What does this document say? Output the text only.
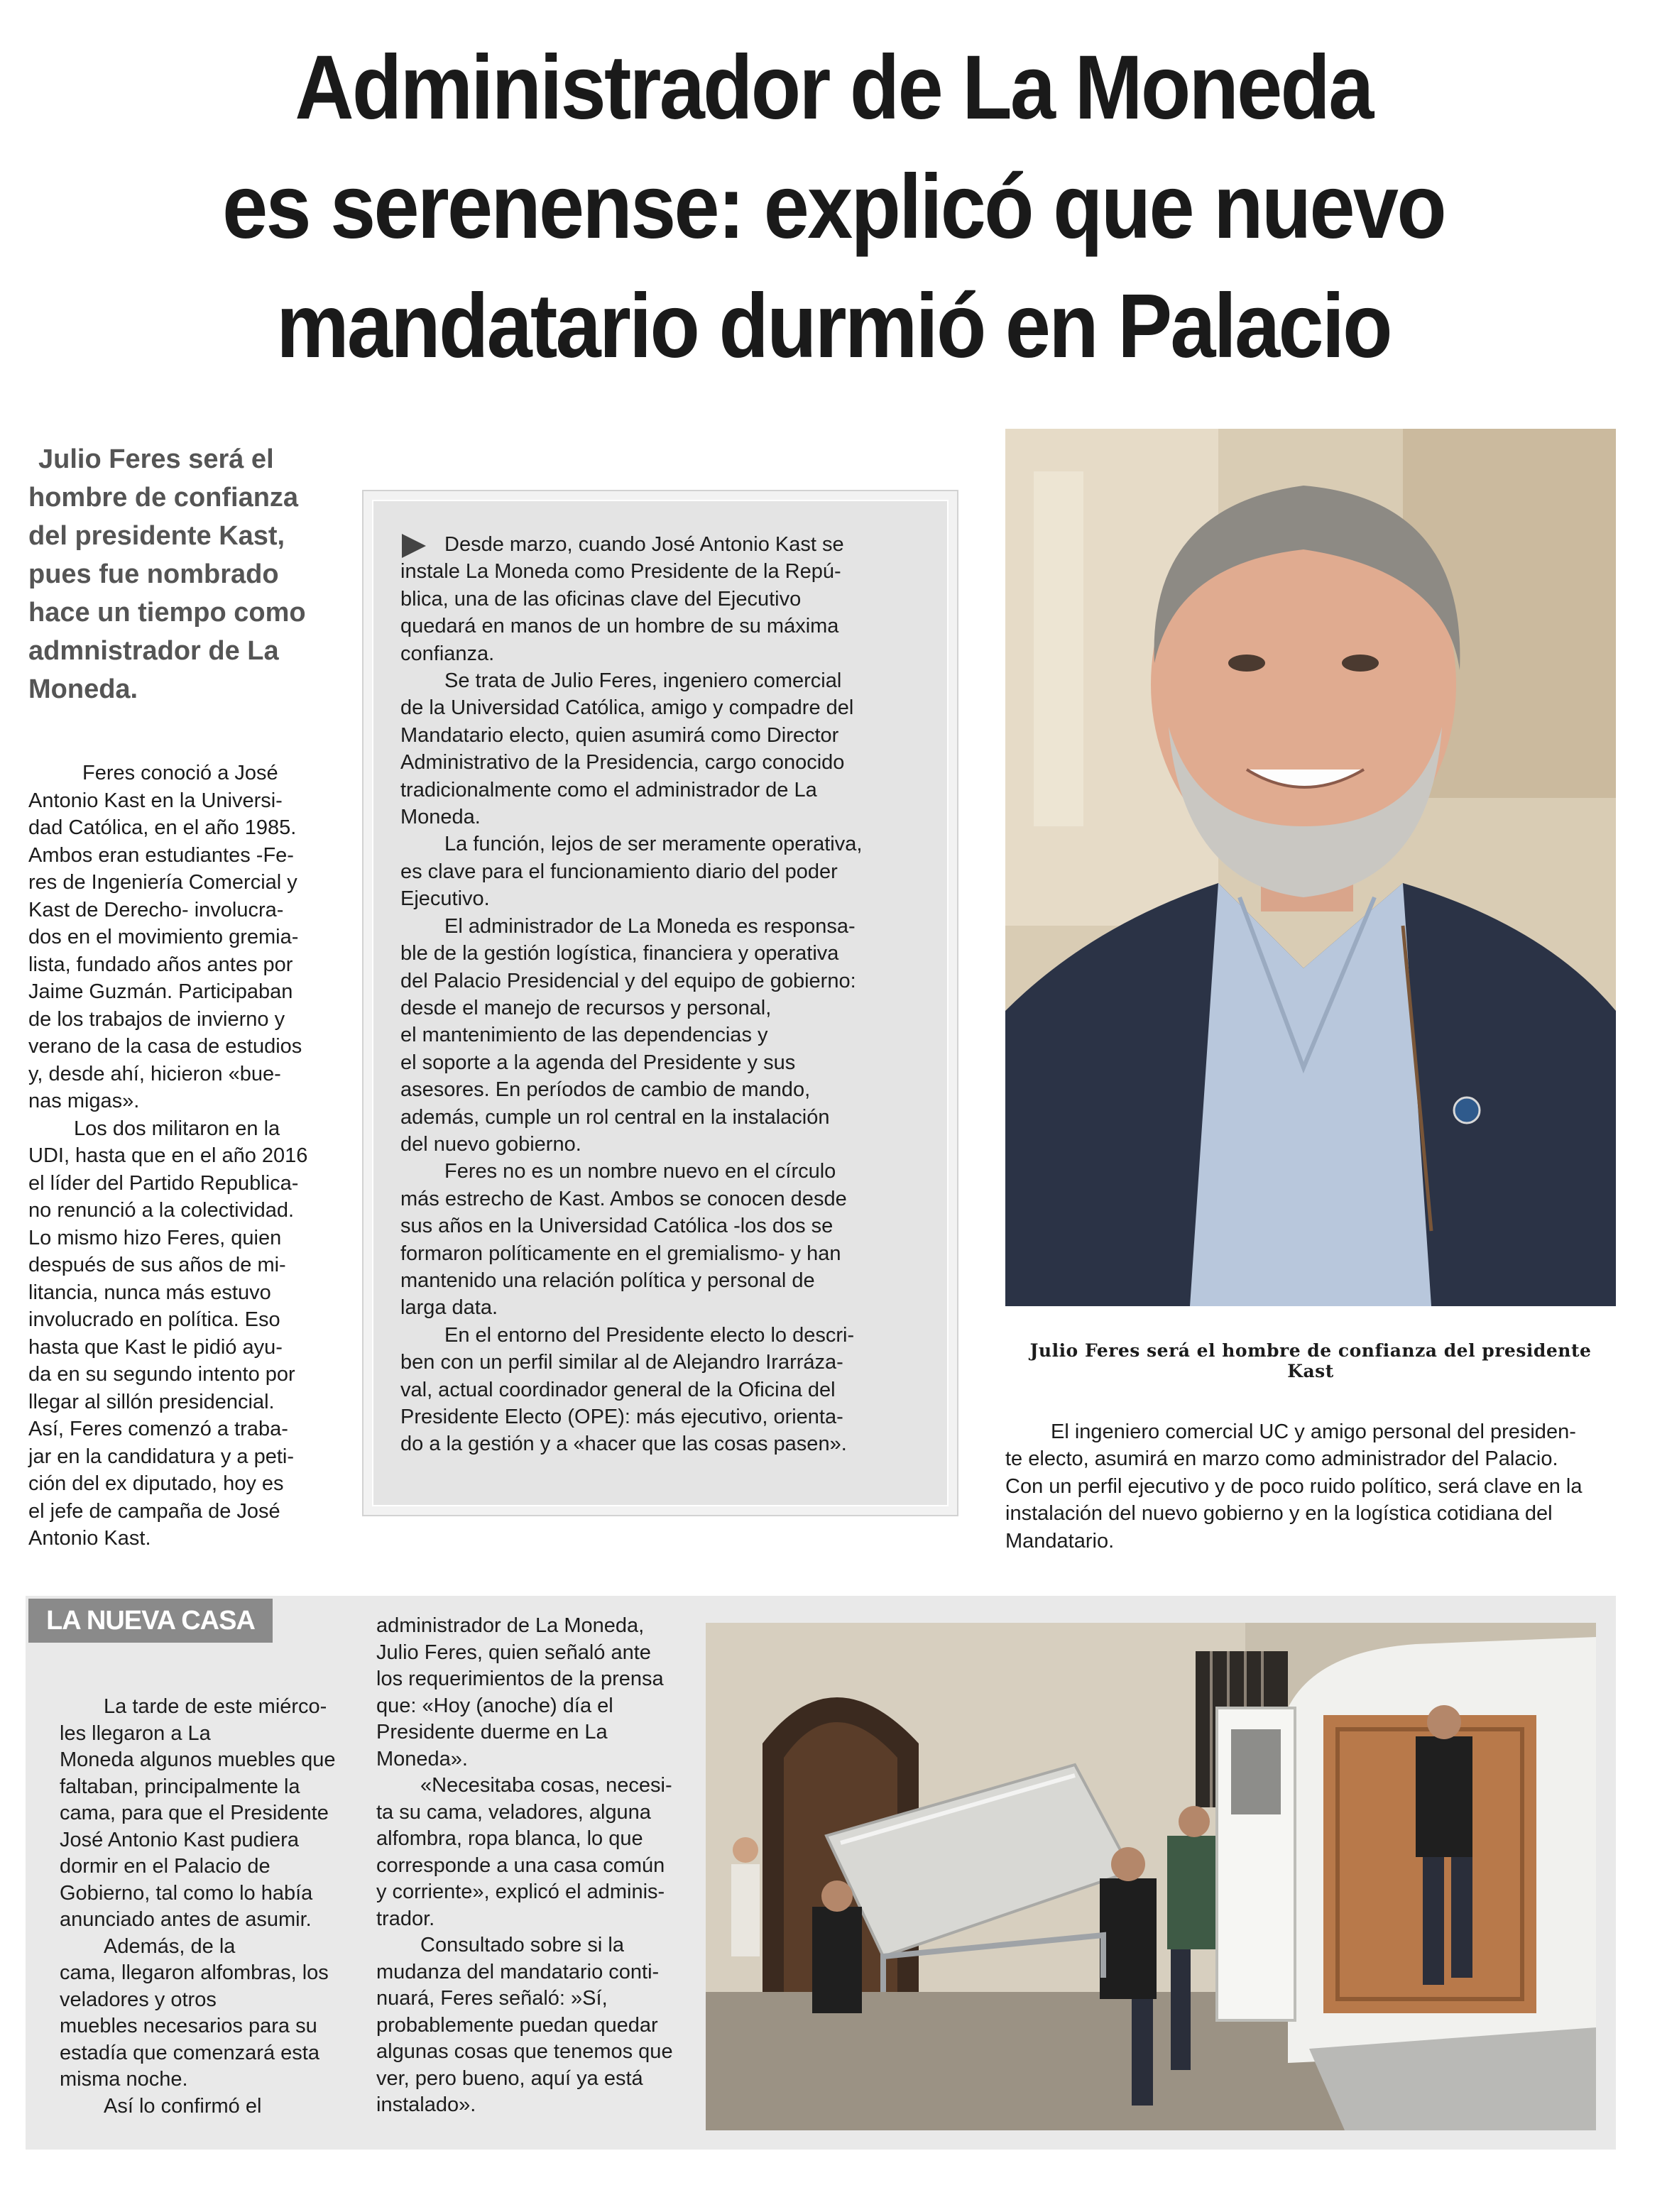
Administrador de La Moneda
es serenense: explicó que nuevo
mandatario durmió en Palacio
Julio Feres será el
hombre de confianza
del presidente Kast,
pues fue nombrado
hace un tiempo como
admnistrador de La
Moneda.
Feres conoció a José
Antonio Kast en la Universi-
dad Católica, en el año 1985.
Ambos eran estudiantes -Fe-
res de Ingeniería Comercial y
Kast de Derecho- involucra-
dos en el movimiento gremia-
lista, fundado años antes por
Jaime Guzmán. Participaban
de los trabajos de invierno y
verano de la casa de estudios
y, desde ahí, hicieron «bue-
nas migas».
Los dos militaron en la
UDI, hasta que en el año 2016
el líder del Partido Republica-
no renunció a la colectividad.
Lo mismo hizo Feres, quien
después de sus años de mi-
litancia, nunca más estuvo
involucrado en política. Eso
hasta que Kast le pidió ayu-
da en su segundo intento por
llegar al sillón presidencial.
Así, Feres comenzó a traba-
jar en la candidatura y a peti-
ción del ex diputado, hoy es
el jefe de campaña de José
Antonio Kast.
Desde marzo, cuando José Antonio Kast se
instale La Moneda como Presidente de la Repú-
blica, una de las oficinas clave del Ejecutivo
quedará en manos de un hombre de su máxima
confianza.
Se trata de Julio Feres, ingeniero comercial
de la Universidad Católica, amigo y compadre del
Mandatario electo, quien asumirá como Director
Administrativo de la Presidencia, cargo conocido
tradicionalmente como el administrador de La
Moneda.
La función, lejos de ser meramente operativa,
es clave para el funcionamiento diario del poder
Ejecutivo.
El administrador de La Moneda es responsa-
ble de la gestión logística, financiera y operativa
del Palacio Presidencial y del equipo de gobierno:
desde el manejo de recursos y personal,
el mantenimiento de las dependencias y
el soporte a la agenda del Presidente y sus
asesores. En períodos de cambio de mando,
además, cumple un rol central en la instalación
del nuevo gobierno.
Feres no es un nombre nuevo en el círculo
más estrecho de Kast. Ambos se conocen desde
sus años en la Universidad Católica -los dos se
formaron políticamente en el gremialismo- y han
mantenido una relación política y personal de
larga data.
En el entorno del Presidente electo lo descri-
ben con un perfil similar al de Alejandro Irarráza-
val, actual coordinador general de la Oficina del
Presidente Electo (OPE): más ejecutivo, orienta-
do a la gestión y a «hacer que las cosas pasen».
Julio Feres será el hombre de confianza del presidente Kast
El ingeniero comercial UC y amigo personal del presiden-
te electo, asumirá en marzo como administrador del Palacio.
Con un perfil ejecutivo y de poco ruido político, será clave en la
instalación del nuevo gobierno y en la logística cotidiana del
Mandatario.
LA NUEVA CASA
La tarde de este miérco-
les llegaron a La
Moneda algunos muebles que
faltaban, principalmente la
cama, para que el Presidente
José Antonio Kast pudiera
dormir en el Palacio de
Gobierno, tal como lo había
anunciado antes de asumir.
Además, de la
cama, llegaron alfombras, los
veladores y otros
muebles necesarios para su
estadía que comenzará esta
misma noche.
Así lo confirmó el
administrador de La Moneda,
Julio Feres, quien señaló ante
los requerimientos de la prensa
que: «Hoy (anoche) día el
Presidente duerme en La
Moneda».
«Necesitaba cosas, necesi-
ta su cama, veladores, alguna
alfombra, ropa blanca, lo que
corresponde a una casa común
y corriente», explicó el adminis-
trador.
Consultado sobre si la
mudanza del mandatario conti-
nuará, Feres señaló: »Sí,
probablemente puedan quedar
algunas cosas que tenemos que
ver, pero bueno, aquí ya está
instalado».
